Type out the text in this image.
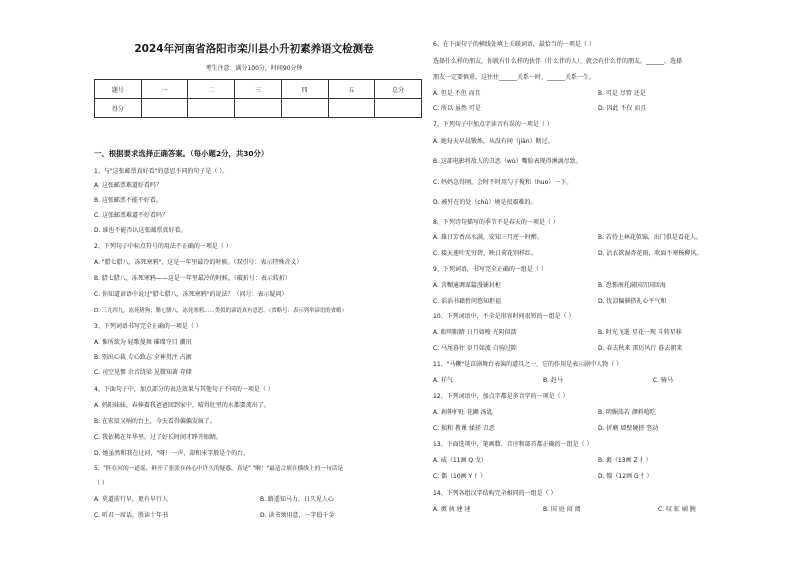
2024年河南省洛阳市栾川县小升初素养语文检测卷
考生注意：满分100分，时间90分钟
题号	一	二	三	四	五	总分
得分						
一、根据要求选择正确答案。（每小题2分，共30分）
1、与"这张邮票真好看"的意思不同的句子是（ ）。
A. 这张邮票难道好看吗？
B. 这张邮票不能不好看。
C. 这张邮票难道不好看吗？
D. 谁也不能否认这张邮票真好看。
2、下列句子中标点符号的用法不正确的一项是（ ）
A. "腊七腊八，冻死寒鸦"，这是一年里最冷的时候。（双引号：表示特殊含义）
B. 腊七腊八，冻死寒鸦——这是一年里最冷的时候。（破折号：表示转折）
C. 你知道谚语中说过"腊七腊八，冻死寒鸦"的说法？（问号：表示疑问）
D. 三九四九，冻死猪狗；腊七腊八，冻死寒鸦……类似的谚语真有意思。（省略号：表示列举谚语的省略）
3、下列词语书写完全正确的一项是（ ）
A. 惟所欲为 轻歌曼舞 璀璨夺目 潮汛
B. 别出心裁 专心致志 全神贯注 占据
C. 司空见惯 余音绕梁 见微知著 存储
4、下面句子中，加点部分的表达效果与其他句子不同的一项是（ ）
A. 妈阳妹妹，春捧着我爸爸回到家中，晴得肚里的水都要流出了。
B. 在宏辰又响的台上，今天看得偏偏发疯了。
C. 我依稀在年华里，过了好长时间才睁开眼睛。
D. 她虽然和我在过河，"呀！一声，却和米字般是个的台。
5、"阵在河的一道谣，鲜开了张张在孙心中许久的疑惑，真是" "啊！"最适合填在横线上的一句话是
（ ）
A. 莫道前行早，更有早行人	B. 路遥知马力，日久见人心
C. 听君一席话，胜读十年书	D. 读书须用意，一字值千金
6、在下面句子的横线处填上关联词语，最恰当的一项是（ ）
选择什么样的朋友，你就有什么样的伙伴（什么伴的人），就会有什么伴的朋友。______，选择
朋友一定要慎重，这往往______关系一时，______关系一生。
A. 但是 不但 而且	B. 可是 尽管 还是
C. 所以 虽然 可是	D. 因此 不仅 而且
7、下列句子中加点字读音有误的一项是（ ）
A. 她每天早晨锻炼，从没有间（jiàn）断过。
B. 这部电影将敌人的丑恶（wù）嘴脸表现得淋漓尽致。
C. 妈妈急得刚，会时不时用勺子搅和（huo）一下。
D. 被歼在的处（chǔ）境是很艰难的。
8、下列诗句描写的季节不是春天的一项是（ ）
A. 雄日芳香高水满，安知三月逆一时醉。	B. 若待上林花似锦，出门俱是看花人。
C. 接天莲叶无穷碧，映日荷花别样红。	D. 沾衣欲湿杏花雨，吹面不寒杨柳风。
9、下列词语，书写完全正确的一组是（ ）
A. 含糊通调谋篇漫铺封柜	B. 恐怖南托满国历国回海
C. 滔滔书籍暂问悠知拒福	D. 忧凉偏催搭礼心平气和
10、下列词语中，不全是形容时间很短的一组是（ ）
A. 眼明眼睛 日月如梭 光阴似箭	B. 时光飞逝 星花一现 斗转星移
C. 马尾暮往 岁月如流 白驹过隙	D. 春去秋来 雷厉风行 暮去朝来
11、"马鞭"是京剧舞台表演的道具之一，它的作用是表示剧中人物（ ）
A. 祥气	B. 赶马	C. 骑马
12、下列词语中，加点字都是多音字的一项是（ ）
A. 刹伸护旺 花圃 汤匙	B. 明媚荡若 颜料嘻吃
C. 损和 教课 揉搓 丑恶	D. 折磨 墙壁硬挤 竖动
13、下面选项中，笔画数、音序和部首都正确的一组是（ ）
A. 威（11画 Q 戈）	B. 裹（13画 Z 扌）
C. 偶（10画 Y 亻）	D. 懔（12画 G 忄）
14、下列各组汉字结构完全相同的一组是（ ）
A. 掀 执 建 速	B. 国 庭 闷 阅	C. 叹 虹 刷 腕
